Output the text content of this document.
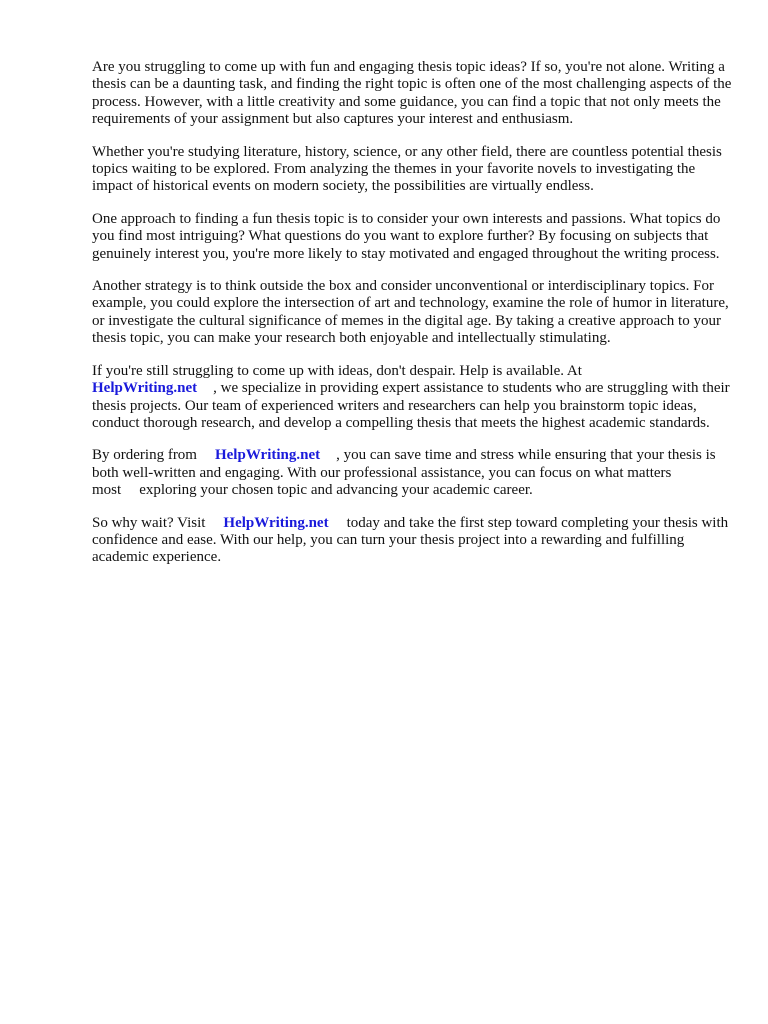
Are you struggling to come up with fun and engaging thesis topic ideas? If so, you're not alone. Writing a thesis can be a daunting task, and finding the right topic is often one of the most challenging aspects of the process. However, with a little creativity and some guidance, you can find a topic that not only meets the requirements of your assignment but also captures your interest and enthusiasm.

Whether you're studying literature, history, science, or any other field, there are countless potential thesis topics waiting to be explored. From analyzing the themes in your favorite novels to investigating the impact of historical events on modern society, the possibilities are virtually endless.

One approach to finding a fun thesis topic is to consider your own interests and passions. What topics do you find most intriguing? What questions do you want to explore further? By focusing on subjects that genuinely interest you, you're more likely to stay motivated and engaged throughout the writing process.

Another strategy is to think outside the box and consider unconventional or interdisciplinary topics. For example, you could explore the intersection of art and technology, examine the role of humor in literature, or investigate the cultural significance of memes in the digital age. By taking a creative approach to your thesis topic, you can make your research both enjoyable and intellectually stimulating.

If you're still struggling to come up with ideas, don't despair. Help is available. At
HelpWriting.net , we specialize in providing expert assistance to students who are struggling with their thesis projects. Our team of experienced writers and researchers can help you brainstorm topic ideas, conduct thorough research, and develop a compelling thesis that meets the highest academic standards.

By ordering from HelpWriting.net , you can save time and stress while ensuring that your thesis is both well-written and engaging. With our professional assistance, you can focus on what matters most exploring your chosen topic and advancing your academic career.

So why wait? Visit HelpWriting.net today and take the first step toward completing your thesis with confidence and ease. With our help, you can turn your thesis project into a rewarding and fulfilling academic experience.
